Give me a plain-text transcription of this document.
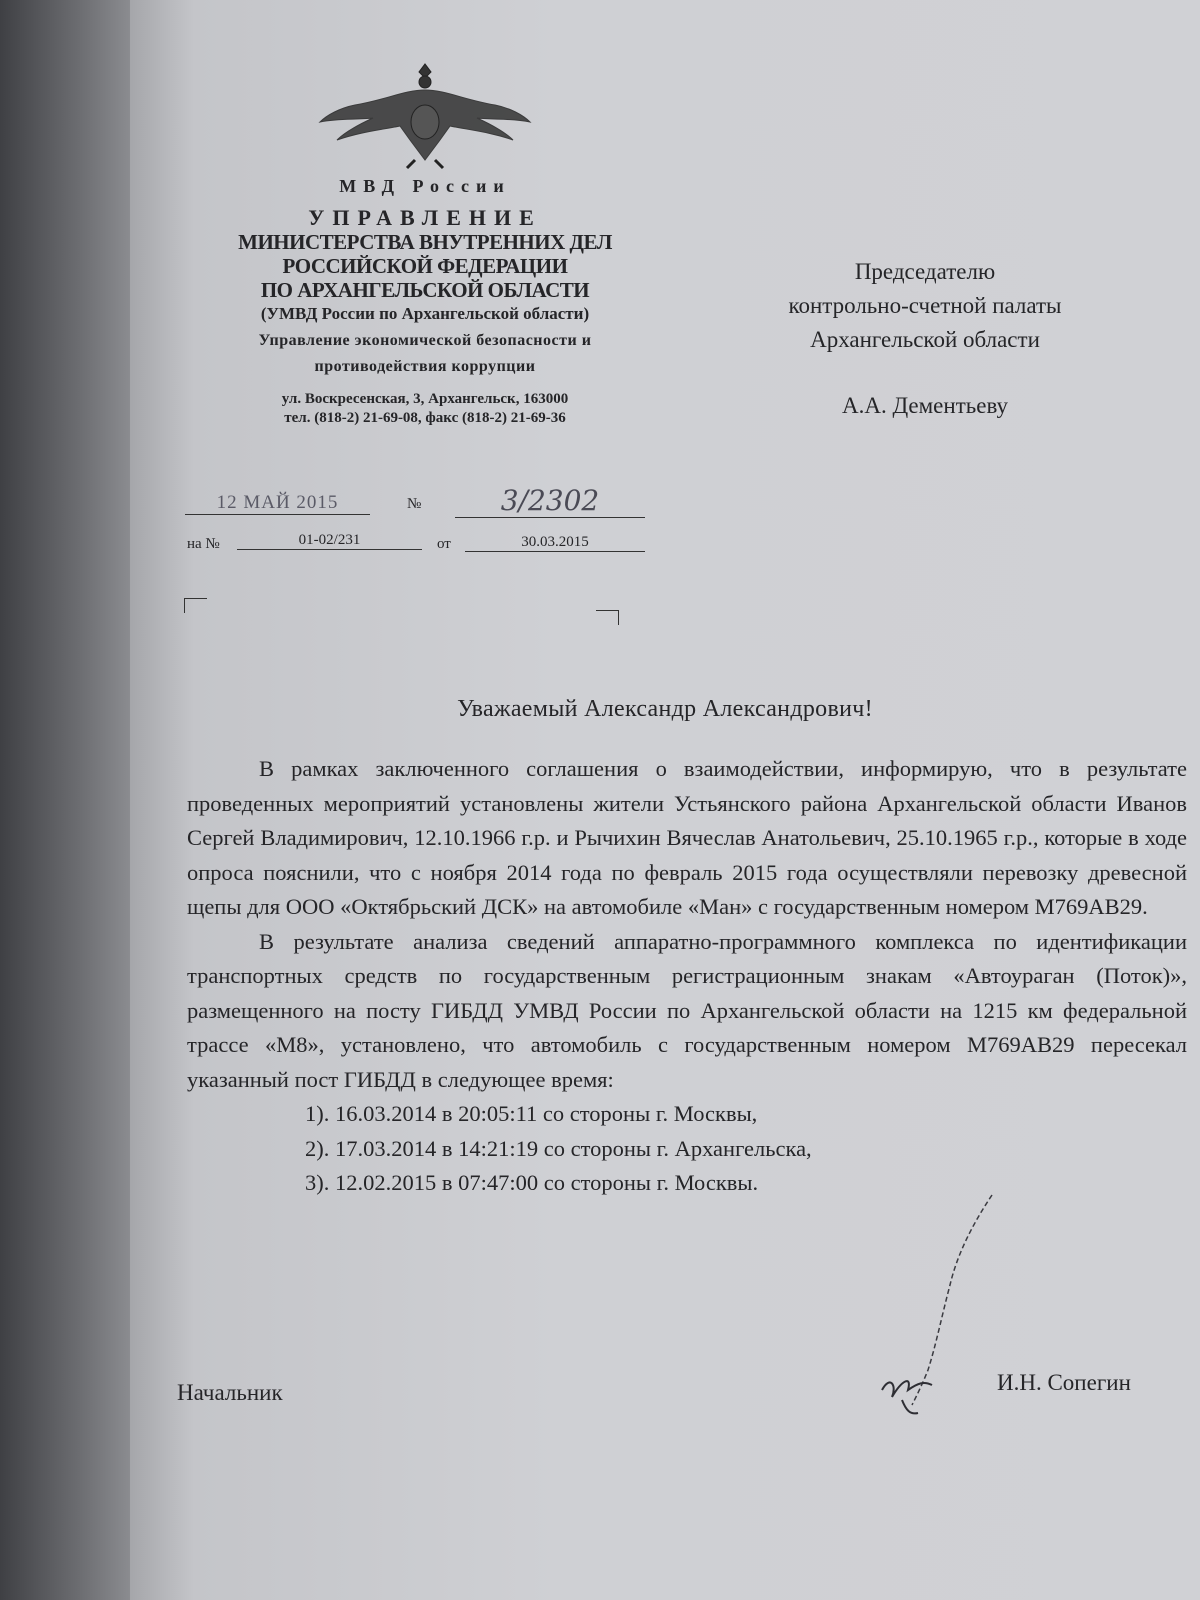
МВД России
УПРАВЛЕНИЕ
МИНИСТЕРСТВА ВНУТРЕННИХ ДЕЛ
РОССИЙСКОЙ ФЕДЕРАЦИИ
ПО АРХАНГЕЛЬСКОЙ ОБЛАСТИ
(УМВД России по Архангельской области)
Управление экономической безопасности и
противодействия коррупции
ул. Воскресенская, 3, Архангельск, 163000
тел. (818-2) 21-69-08, факс (818-2) 21-69-36
12 МАЙ 2015	№	3/2302
на №	01-02/231	от	30.03.2015
Председателю
контрольно-счетной палаты
Архангельской области
А.А. Дементьеву
Уважаемый Александр Александрович!

В рамках заключенного соглашения о взаимодействии, информирую, что в результате проведенных мероприятий установлены жители Устьянского района Архангельской области Иванов Сергей Владимирович, 12.10.1966 г.р. и Рычихин Вячеслав Анатольевич, 25.10.1965 г.р., которые в ходе опроса пояснили, что с ноября 2014 года по февраль 2015 года осуществляли перевозку древесной щепы для ООО «Октябрьский ДСК» на автомобиле «Ман» с государственным номером М769АВ29.

В результате анализа сведений аппаратно-программного комплекса по идентификации транспортных средств по государственным регистрационным знакам «Автоураган (Поток)», размещенного на посту ГИБДД УМВД России по Архангельской области на 1215 км федеральной трассе «М8», установлено, что автомобиль с государственным номером М769АВ29 пересекал указанный пост ГИБДД в следующее время:

1). 16.03.2014 в 20:05:11 со стороны г. Москвы,
2). 17.03.2014 в 14:21:19 со стороны г. Архангельска,
3). 12.02.2015 в 07:47:00 со стороны г. Москвы.
Начальник	И.Н. Сопегин
